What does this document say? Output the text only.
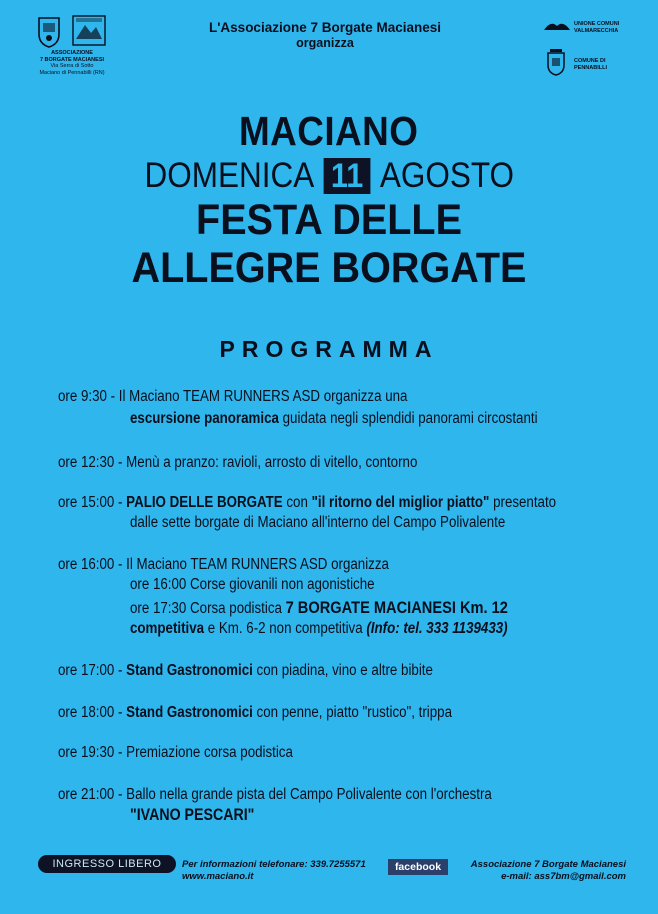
ASSOCIAZIONE
7 BORGATE MACIANESI
Via Serra di Sotto
Maciano di Pennabilli (RN)
L'Associazione 7 Borgate Macianesi
organizza
UNIONE COMUNI
VALMARECCHIA
COMUNE DI
PENNABILLI
MACIANO
DOMENICA 11 AGOSTO
FESTA DELLE
ALLEGRE BORGATE
PROGRAMMA
ore 9:30 - Il Maciano TEAM RUNNERS ASD organizza una
escursione panoramica guidata negli splendidi panorami circostanti
ore 12:30 - Menù a pranzo: ravioli, arrosto di vitello, contorno
ore 15:00 - PALIO DELLE BORGATE con "il ritorno del miglior piatto" presentato
dalle sette borgate di Maciano all'interno del Campo Polivalente
ore 16:00 - Il Maciano TEAM RUNNERS ASD organizza
ore 16:00 Corse giovanili non agonistiche
ore 17:30 Corsa podistica 7 BORGATE MACIANESI Km. 12
competitiva e Km. 6-2 non competitiva (Info: tel. 333 1139433)
ore 17:00 - Stand Gastronomici con piadina, vino e altre bibite
ore 18:00 - Stand Gastronomici con penne, piatto "rustico", trippa
ore 19:30 - Premiazione corsa podistica
ore 21:00 - Ballo nella grande pista del Campo Polivalente con l'orchestra
"IVANO PESCARI"
INGRESSO LIBERO Per informazioni telefonare: 339.7255571
www.maciano.it
facebook	Associazione 7 Borgate Macianesi
e-mail: ass7bm@gmail.com
